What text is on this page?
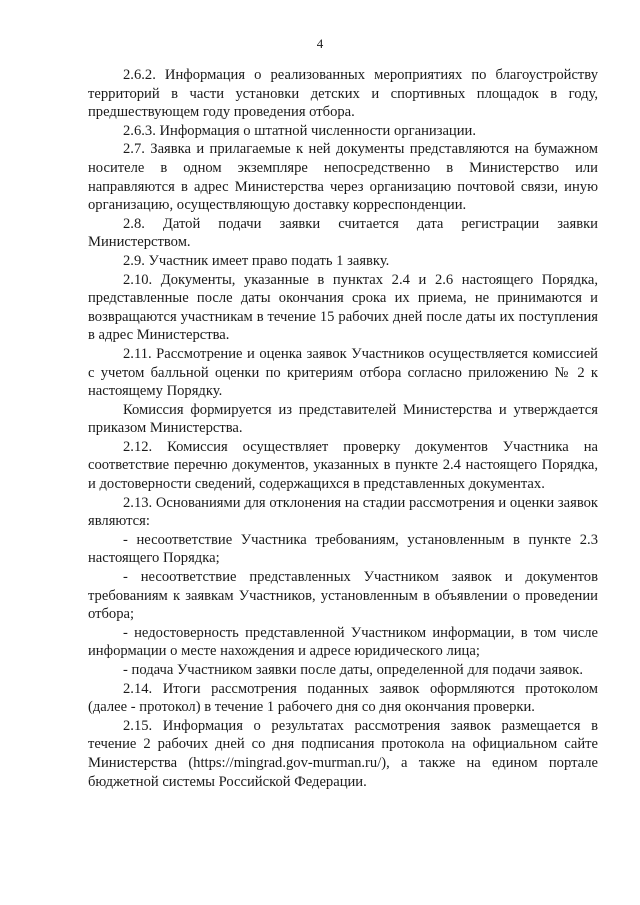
4

2.6.2. Информация о реализованных мероприятиях по благоустройству территорий в части установки детских и спортивных площадок в году, предшествующем году проведения отбора.

2.6.3. Информация о штатной численности организации.

2.7. Заявка и прилагаемые к ней документы представляются на бумажном носителе в одном экземпляре непосредственно в Министерство или направляются в адрес Министерства через организацию почтовой связи, иную организацию, осуществляющую доставку корреспонденции.

2.8. Датой подачи заявки считается дата регистрации заявки Министерством.

2.9. Участник имеет право подать 1 заявку.

2.10. Документы, указанные в пунктах 2.4 и 2.6 настоящего Порядка, представленные после даты окончания срока их приема, не принимаются и возвращаются участникам в течение 15 рабочих дней после даты их поступления в адрес Министерства.

2.11. Рассмотрение и оценка заявок Участников осуществляется комиссией с учетом балльной оценки по критериям отбора согласно приложению № 2 к настоящему Порядку.

Комиссия формируется из представителей Министерства и утверждается приказом Министерства.

2.12. Комиссия осуществляет проверку документов Участника на соответствие перечню документов, указанных в пункте 2.4 настоящего Порядка, и достоверности сведений, содержащихся в представленных документах.

2.13. Основаниями для отклонения на стадии рассмотрения и оценки заявок являются:

- несоответствие Участника требованиям, установленным в пункте 2.3 настоящего Порядка;

- несоответствие представленных Участником заявок и документов требованиям к заявкам Участников, установленным в объявлении о проведении отбора;

- недостоверность представленной Участником информации, в том числе информации о месте нахождения и адресе юридического лица;

- подача Участником заявки после даты, определенной для подачи заявок.

2.14. Итоги рассмотрения поданных заявок оформляются протоколом (далее - протокол) в течение 1 рабочего дня со дня окончания проверки.

2.15. Информация о результатах рассмотрения заявок размещается в течение 2 рабочих дней со дня подписания протокола на официальном сайте Министерства (https://mingrad.gov-murman.ru/), а также на едином портале бюджетной системы Российской Федерации.
